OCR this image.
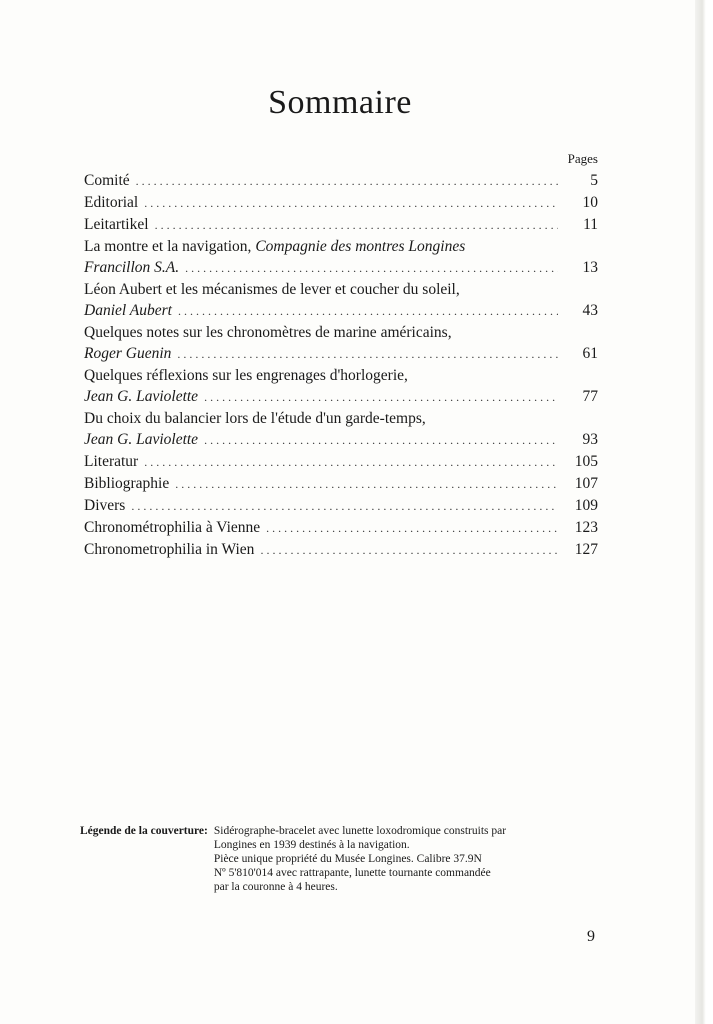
Sommaire
Pages
Comité .....	5
Editorial .....	10
Leitartikel .....	11
La montre et la navigation, Compagnie des montres Longines
Francillon S.A. .....	13
Léon Aubert et les mécanismes de lever et coucher du soleil,
Daniel Aubert .....	43
Quelques notes sur les chronomètres de marine américains,
Roger Guenin .....	61
Quelques réflexions sur les engrenages d'horlogerie,
Jean G. Laviolette .....	77
Du choix du balancier lors de l'étude d'un garde-temps,
Jean G. Laviolette .....	93
Literatur .....	105
Bibliographie .....	107
Divers .....	109
Chronométrophilia à Vienne .....	123
Chronometrophilia in Wien .....	127
Légende de la couverture: Sidérographe-bracelet avec lunette loxodromique construits par
Longines en 1939 destinés à la navigation.
Pièce unique propriété du Musée Longines. Calibre 37.9N
Nº 5'810'014 avec rattrapante, lunette tournante commandée
par la couronne à 4 heures.
9
